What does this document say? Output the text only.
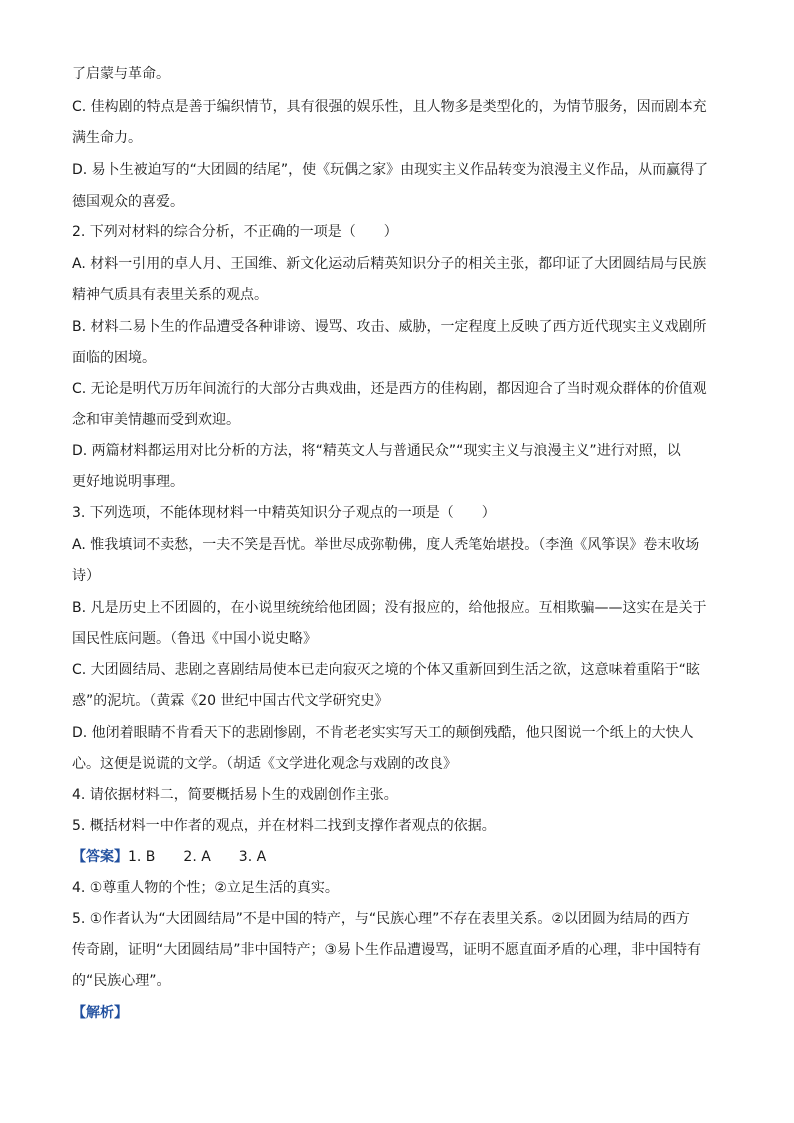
了启蒙与革命。
C. 佳构剧的特点是善于编织情节，具有很强的娱乐性，且人物多是类型化的，为情节服务，因而剧本充
满生命力。
D. 易卜生被迫写的“大团圆的结尾”，使《玩偶之家》由现实主义作品转变为浪漫主义作品，从而赢得了
德国观众的喜爱。
2. 下列对材料的综合分析，不正确的一项是（　　）
A. 材料一引用的卓人月、王国维、新文化运动后精英知识分子的相关主张，都印证了大团圆结局与民族
精神气质具有表里关系的观点。
B. 材料二易卜生的作品遭受各种诽谤、谩骂、攻击、威胁，一定程度上反映了西方近代现实主义戏剧所
面临的困境。
C. 无论是明代万历年间流行的大部分古典戏曲，还是西方的佳构剧，都因迎合了当时观众群体的价值观
念和审美情趣而受到欢迎。
D. 两篇材料都运用对比分析的方法，将“精英文人与普通民众”“现实主义与浪漫主义”进行对照，以
更好地说明事理。
3. 下列选项，不能体现材料一中精英知识分子观点的一项是（　　）
A. 惟我填词不卖愁，一夫不笑是吾忧。举世尽成弥勒佛，度人秃笔始堪投。（李渔《风筝误》卷末收场
诗）
B. 凡是历史上不团圆的，在小说里统统给他团圆；没有报应的，给他报应。互相欺骗——这实在是关于
国民性底问题。（鲁迅《中国小说史略》
C. 大团圆结局、悲剧之喜剧结局使本已走向寂灭之境的个体又重新回到生活之欲，这意味着重陷于“眩
惑”的泥坑。（黄霖《20 世纪中国古代文学研究史》
D. 他闭着眼睛不肯看天下的悲剧惨剧，不肯老老实实写天工的颠倒残酷，他只图说一个纸上的大快人
心。这便是说谎的文学。（胡适《文学进化观念与戏剧的改良》
4. 请依据材料二，简要概括易卜生的戏剧创作主张。
5. 概括材料一中作者的观点，并在材料二找到支撑作者观点的依据。
【答案】1. B　　2. A　　3. A
4. ①尊重人物的个性；②立足生活的真实。
5. ①作者认为“大团圆结局”不是中国的特产，与“民族心理”不存在表里关系。②以团圆为结局的西方
传奇剧，证明“大团圆结局”非中国特产；③易卜生作品遭谩骂，证明不愿直面矛盾的心理，非中国特有
的“民族心理”。
【解析】
